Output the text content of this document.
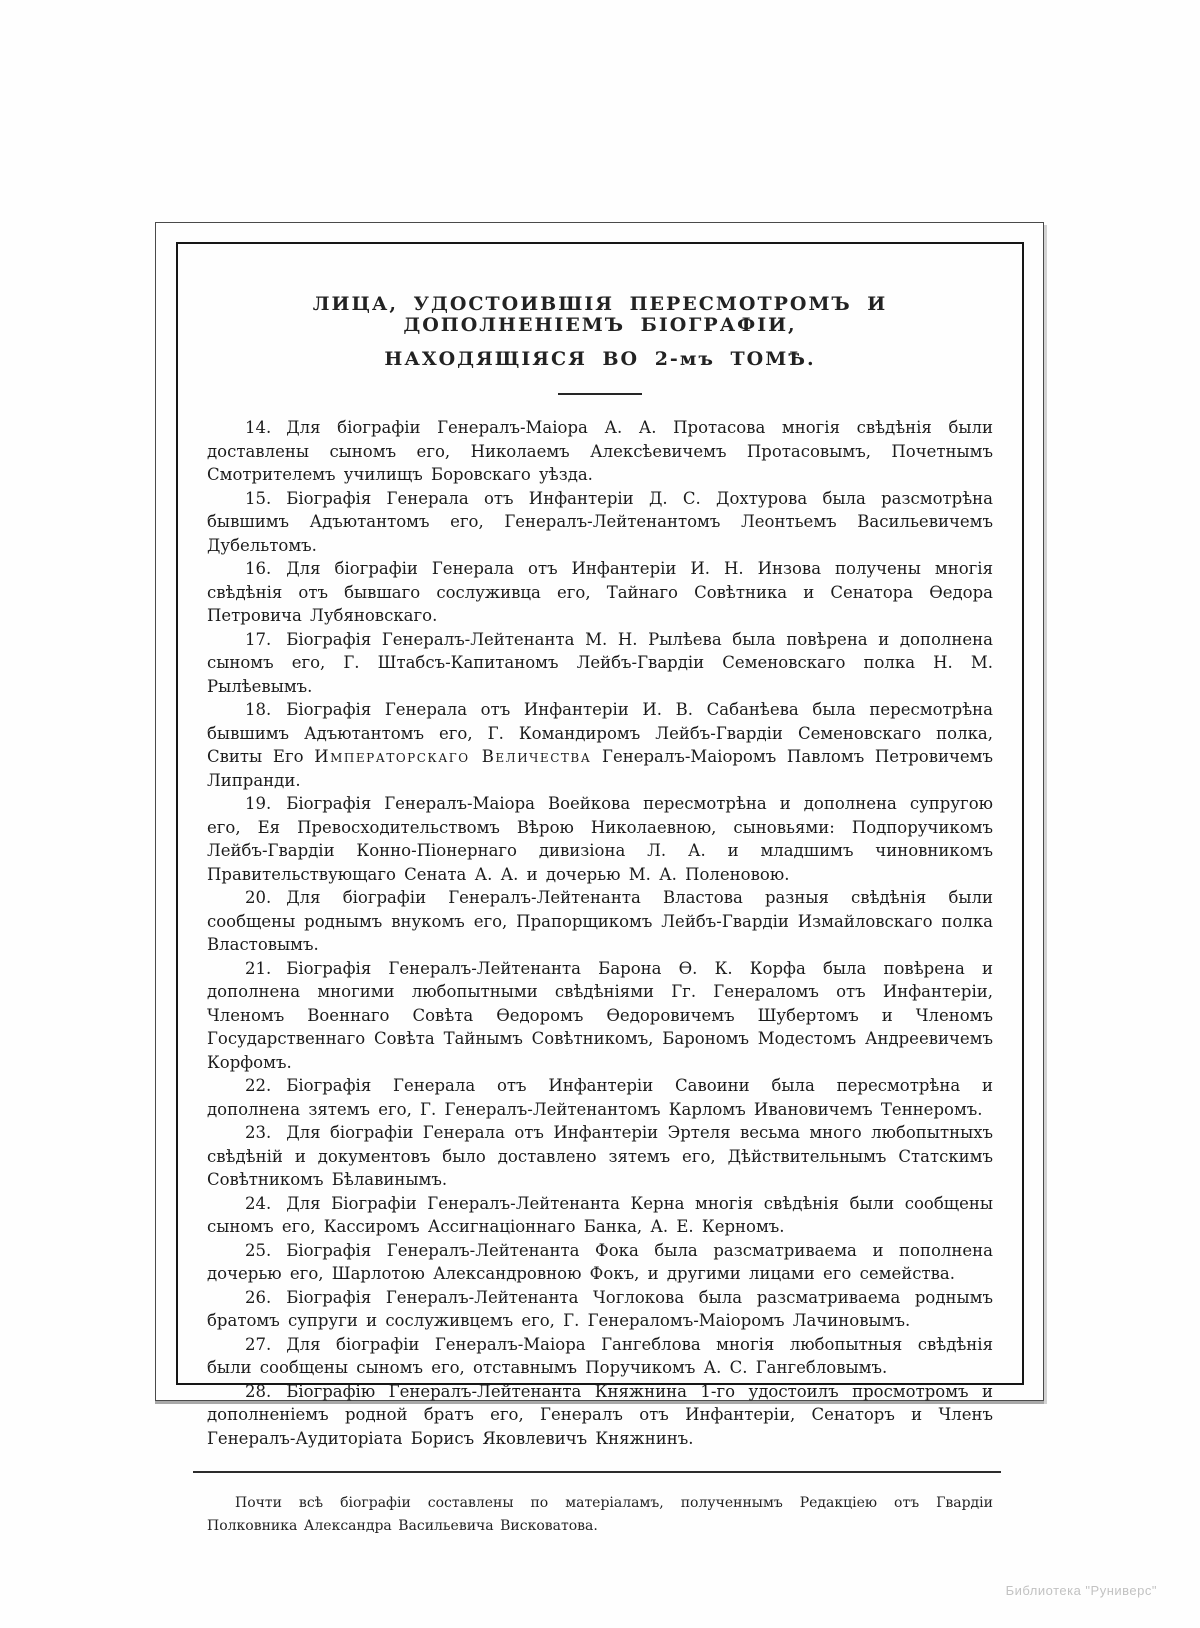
ЛИЦА, УДОСТОИВШІЯ ПЕРЕСМОТРОМЪ И ДОПОЛНЕНІЕМЪ БІОГРАФІИ,
НАХОДЯЩІЯСЯ ВО 2-мъ ТОМѢ.

14. Для біографіи Генералъ-Маіора А. А. Протасова многія свѣдѣнія были доставлены сыномъ его, Николаемъ Алексѣевичемъ Протасовымъ, Почетнымъ Смотрителемъ училищъ Боровскаго уѣзда.

15. Біографія Генерала отъ Инфантеріи Д. С. Дохтурова была разсмотрѣна бывшимъ Адъютантомъ его, Генералъ-Лейтенантомъ Леонтьемъ Васильевичемъ Дубельтомъ.

16. Для біографіи Генерала отъ Инфантеріи И. Н. Инзова получены многія свѣдѣнія отъ бывшаго сослуживца его, Тайнаго Совѣтника и Сенатора Ѳедора Петровича Лубяновскаго.

17. Біографія Генералъ-Лейтенанта М. Н. Рылѣева была повѣрена и дополнена сыномъ его, Г. Штабсъ-Капитаномъ Лейбъ-Гвардіи Семеновскаго полка Н. М. Рылѣевымъ.

18. Біографія Генерала отъ Инфантеріи И. В. Сабанѣева была пересмотрѣна бывшимъ Адъютантомъ его, Г. Командиромъ Лейбъ-Гвардіи Семеновскаго полка, Свиты Его Императорскаго Величества Генералъ-Маіоромъ Павломъ Петровичемъ Липранди.

19. Біографія Генералъ-Маіора Воейкова пересмотрѣна и дополнена супругою его, Ея Превосходительствомъ Вѣрою Николаевною, сыновьями: Подпоручикомъ Лейбъ-Гвардіи Конно-Піонернаго дивизіона Л. А. и младшимъ чиновникомъ Правительствующаго Сената А. А. и дочерью М. А. Поленовою.

20. Для біографіи Генералъ-Лейтенанта Властова разныя свѣдѣнія были сообщены роднымъ внукомъ его, Прапорщикомъ Лейбъ-Гвардіи Измайловскаго полка Властовымъ.

21. Біографія Генералъ-Лейтенанта Барона Ѳ. К. Корфа была повѣрена и дополнена многими любопытными свѣдѣніями Гг. Генераломъ отъ Инфантеріи, Членомъ Военнаго Совѣта Ѳедоромъ Ѳедоровичемъ Шубертомъ и Членомъ Государственнаго Совѣта Тайнымъ Совѣтникомъ, Барономъ Модестомъ Андреевичемъ Корфомъ.

22. Біографія Генерала отъ Инфантеріи Савоини была пересмотрѣна и дополнена зятемъ его, Г. Генералъ-Лейтенантомъ Карломъ Ивановичемъ Теннеромъ.

23. Для біографіи Генерала отъ Инфантеріи Эртеля весьма много любопытныхъ свѣдѣній и документовъ было доставлено зятемъ его, Дѣйствительнымъ Статскимъ Совѣтникомъ Бѣлавинымъ.

24. Для Біографіи Генералъ-Лейтенанта Керна многія свѣдѣнія были сообщены сыномъ его, Кассиромъ Ассигнаціоннаго Банка, А. Е. Керномъ.

25. Біографія Генералъ-Лейтенанта Фока была разсматриваема и пополнена дочерью его, Шарлотою Александровною Фокъ, и другими лицами его семейства.

26. Біографія Генералъ-Лейтенанта Чоглокова была разсматриваема роднымъ братомъ супруги и сослуживцемъ его, Г. Генераломъ-Маіоромъ Лачиновымъ.

27. Для біографіи Генералъ-Маіора Гангеблова многія любопытныя свѣдѣнія были сообщены сыномъ его, отставнымъ Поручикомъ А. С. Гангебловымъ.

28. Біографію Генералъ-Лейтенанта Княжнина 1-го удостоилъ просмотромъ и дополненіемъ родной братъ его, Генералъ отъ Инфантеріи, Сенаторъ и Членъ Генералъ-Аудиторіата Борисъ Яковлевичъ Княжнинъ.

Почти всѣ біографіи составлены по матеріаламъ, полученнымъ Редакціею отъ Гвардіи Полковника Александра Васильевича Висковатова.

Библиотека "Руниверс"
